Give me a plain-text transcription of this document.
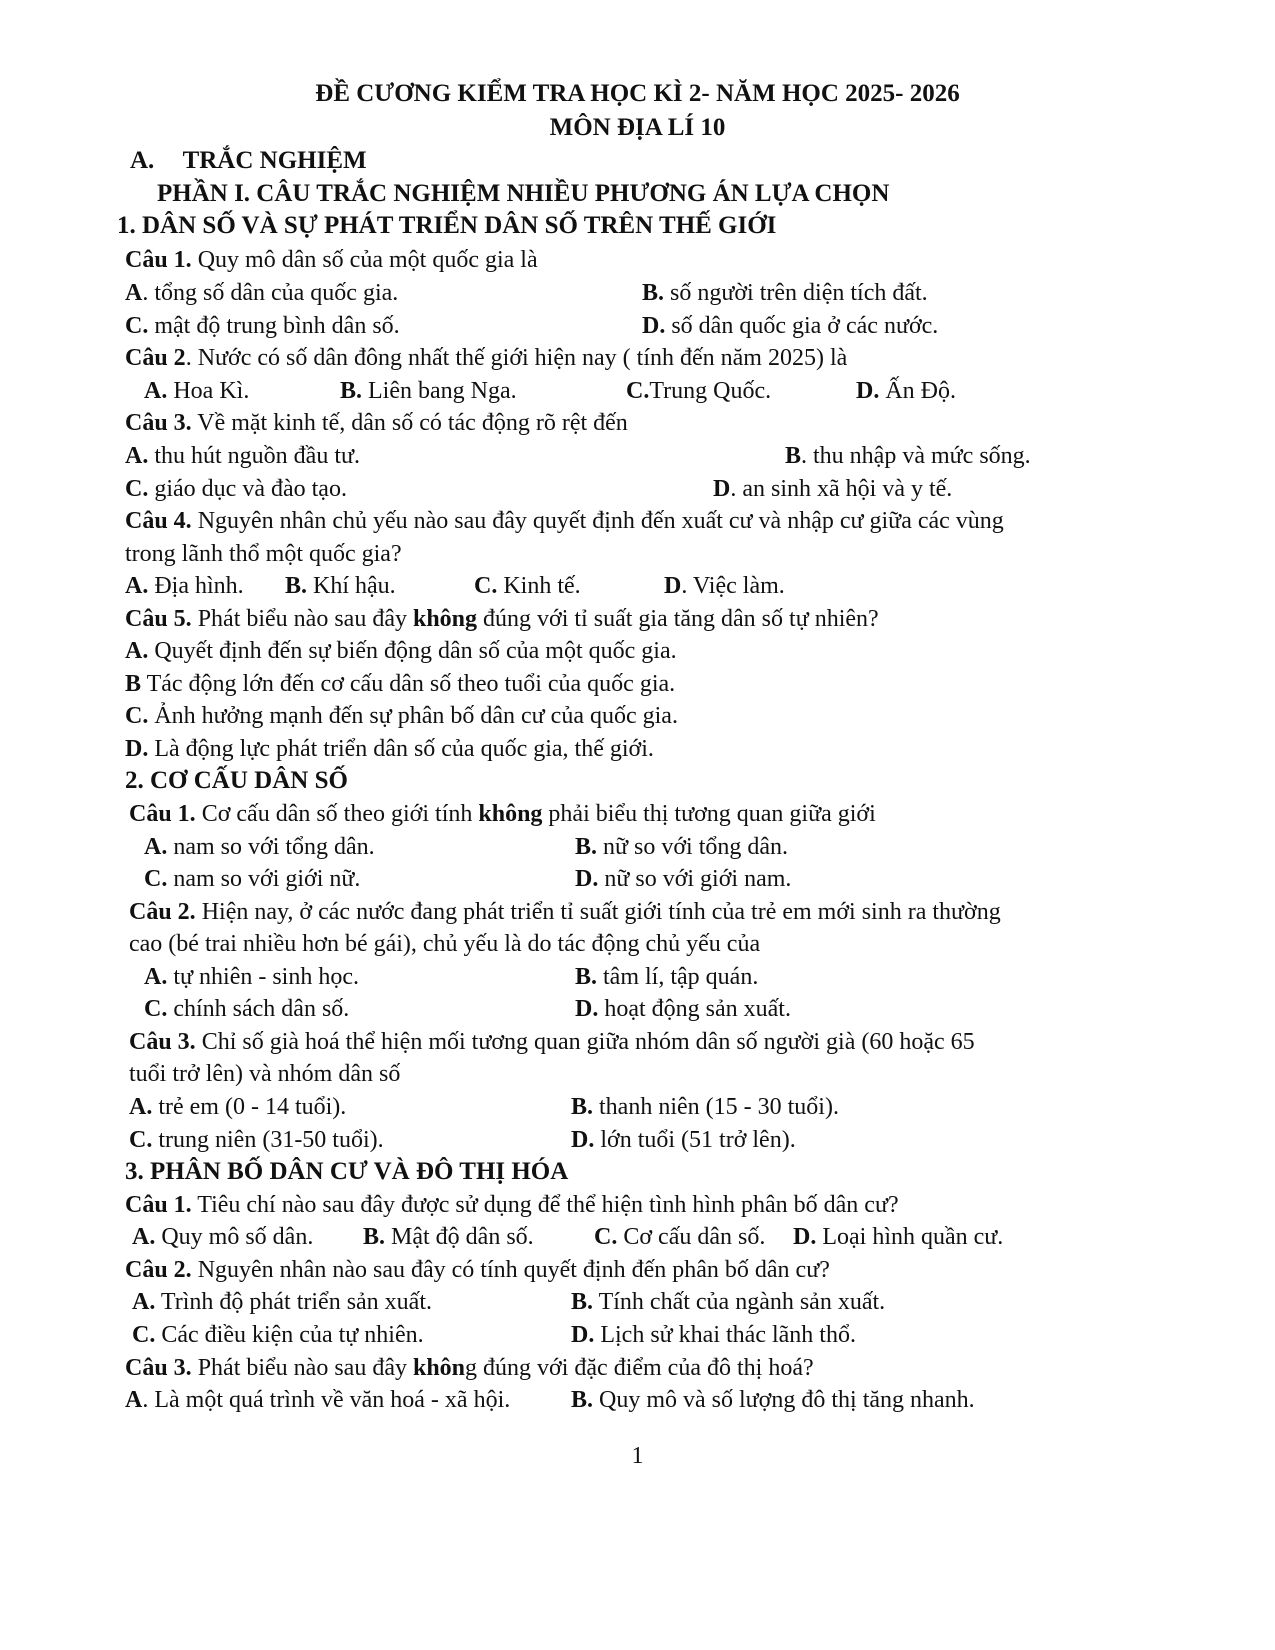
ĐỀ CƯƠNG KIỂM TRA HỌC KÌ 2- NĂM HỌC 2025- 2026
MÔN ĐỊA LÍ 10
A. TRẮC NGHIỆM
PHẦN I. CÂU TRẮC NGHIỆM NHIỀU PHƯƠNG ÁN LỰA CHỌN
1. DÂN SỐ VÀ SỰ PHÁT TRIỂN DÂN SỐ TRÊN THẾ GIỚI
Câu 1. Quy mô dân số của một quốc gia là
A. tổng số dân của quốc gia.	B. số người trên diện tích đất.
C. mật độ trung bình dân số.	D. số dân quốc gia ở các nước.
Câu 2. Nước có số dân đông nhất thế giới hiện nay ( tính đến năm 2025) là
A. Hoa Kì.	B. Liên bang Nga.	C.Trung Quốc.	D. Ấn Độ.
Câu 3. Về mặt kinh tế, dân số có tác động rõ rệt đến
A. thu hút nguồn đầu tư.	B. thu nhập và mức sống.
C. giáo dục và đào tạo.	D. an sinh xã hội và y tế.
Câu 4. Nguyên nhân chủ yếu nào sau đây quyết định đến xuất cư và nhập cư giữa các vùng
trong lãnh thổ một quốc gia?
A. Địa hình. B. Khí hậu.	C. Kinh tế.	D. Việc làm.
Câu 5. Phát biểu nào sau đây không đúng với tỉ suất gia tăng dân số tự nhiên?
A. Quyết định đến sự biến động dân số của một quốc gia.
B Tác động lớn đến cơ cấu dân số theo tuổi của quốc gia.
C. Ảnh hưởng mạnh đến sự phân bố dân cư của quốc gia.
D. Là động lực phát triển dân số của quốc gia, thế giới.
2. CƠ CẤU DÂN SỐ
Câu 1. Cơ cấu dân số theo giới tính không phải biểu thị tương quan giữa giới
A. nam so với tổng dân.	B. nữ so với tổng dân.
C. nam so với giới nữ.	D. nữ so với giới nam.
Câu 2. Hiện nay, ở các nước đang phát triển tỉ suất giới tính của trẻ em mới sinh ra thường
cao (bé trai nhiều hơn bé gái), chủ yếu là do tác động chủ yếu của
A. tự nhiên - sinh học.	B. tâm lí, tập quán.
C. chính sách dân số.	D. hoạt động sản xuất.
Câu 3. Chỉ số già hoá thể hiện mối tương quan giữa nhóm dân số người già (60 hoặc 65
tuổi trở lên) và nhóm dân số
A. trẻ em (0 - 14 tuổi).	B. thanh niên (15 - 30 tuổi).
C. trung niên (31-50 tuổi).	D. lớn tuổi (51 trở lên).
3. PHÂN BỐ DÂN CƯ VÀ ĐÔ THỊ HÓA
Câu 1. Tiêu chí nào sau đây được sử dụng để thể hiện tình hình phân bố dân cư?
A. Quy mô số dân. B. Mật độ dân số.	C. Cơ cấu dân số. D. Loại hình quần cư.
Câu 2. Nguyên nhân nào sau đây có tính quyết định đến phân bố dân cư?
A. Trình độ phát triển sản xuất.	B. Tính chất của ngành sản xuất.
C. Các điều kiện của tự nhiên.	D. Lịch sử khai thác lãnh thổ.
Câu 3. Phát biểu nào sau đây không đúng với đặc điểm của đô thị hoá?
A. Là một quá trình về văn hoá - xã hội.	B. Quy mô và số lượng đô thị tăng nhanh.
1
